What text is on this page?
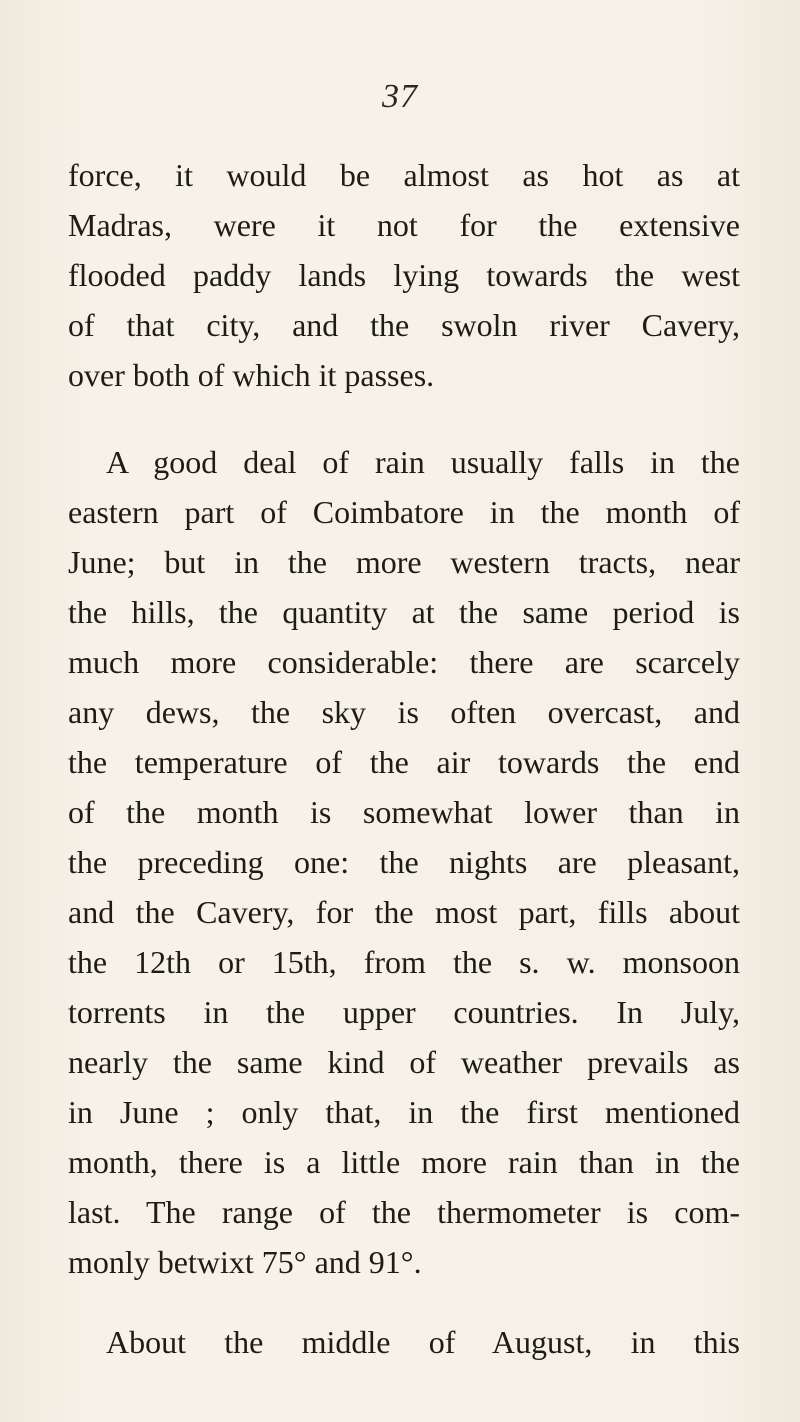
37
force, it would be almost as hot as at
Madras, were it not for the extensive
flooded paddy lands lying towards the west
of that city, and the swoln river Cavery,
over both of which it passes.
A good deal of rain usually falls in the
eastern part of Coimbatore in the month of
June; but in the more western tracts, near
the hills, the quantity at the same period is
much more considerable: there are scarcely
any dews, the sky is often overcast, and
the temperature of the air towards the end
of the month is somewhat lower than in
the preceding one: the nights are pleasant,
and the Cavery, for the most part, fills about
the 12th or 15th, from the s. w. monsoon
torrents in the upper countries. In July,
nearly the same kind of weather prevails as
in June ; only that, in the first mentioned
month, there is a little more rain than in the
last. The range of the thermometer is com-
monly betwixt 75° and 91°.
About the middle of August, in this
